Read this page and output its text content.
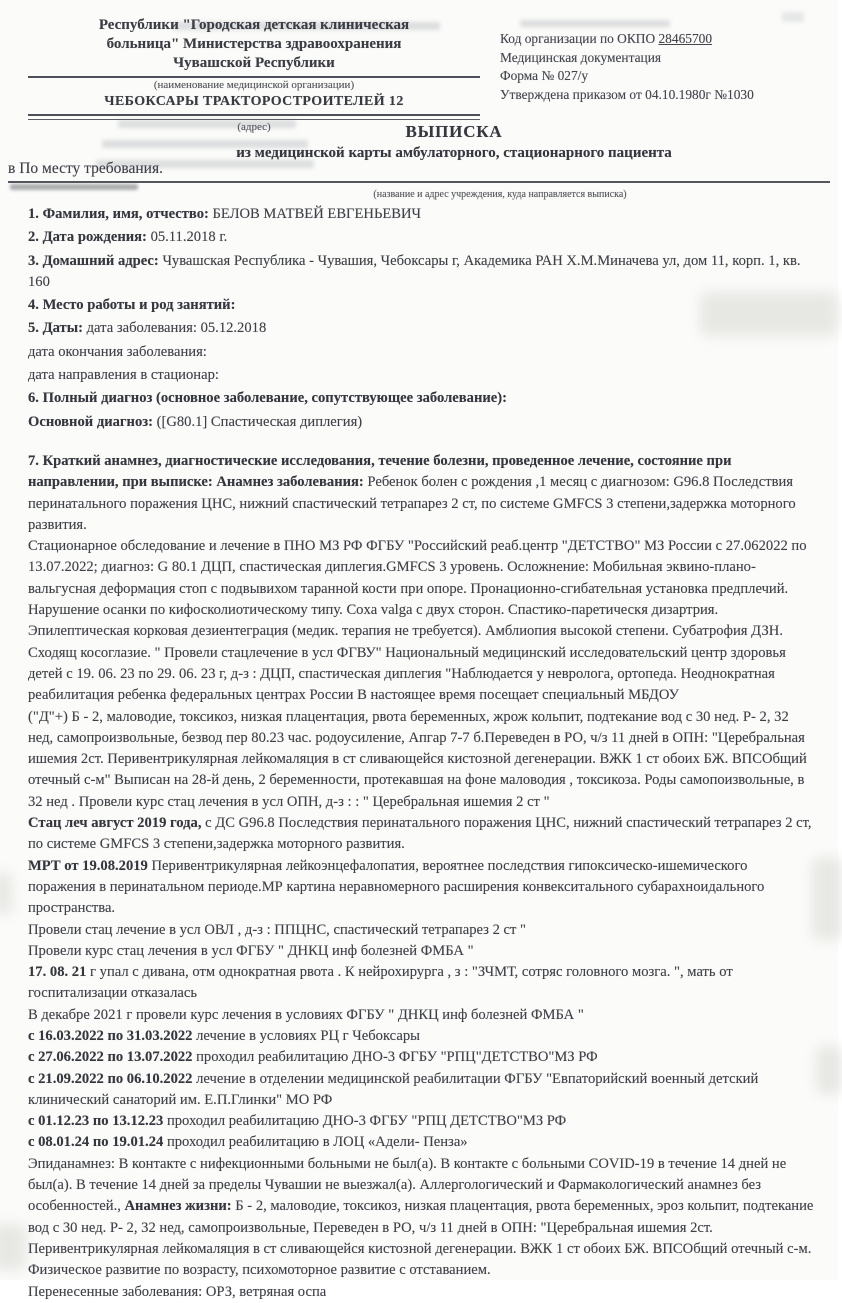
Республики "Городская детская клиническая
больница" Министерства здравоохранения
Чувашской Республики
(наименование медицинской организации)
ЧЕБОКСАРЫ ТРАКТОРОСТРОИТЕЛЕЙ 12
(адрес)
Код организации по ОКПО 28465700
Медицинская документация
Форма № 027/у
Утверждена приказом от 04.10.1980г №1030
ВЫПИСКА
из медицинской карты амбулаторного, стационарного пациента
в По месту требования.
(название и адрес учреждения, куда направляется выписка)

1. Фамилия, имя, отчество: БЕЛОВ МАТВЕЙ ЕВГЕНЬЕВИЧ

2. Дата рождения: 05.11.2018 г.

3. Домашний адрес: Чувашская Республика - Чувашия, Чебоксары г, Академика РАН Х.М.Миначева ул, дом 11, корп. 1, кв. 160

4. Место работы и род занятий:

5. Даты: дата заболевания: 05.12.2018

дата окончания заболевания:

дата направления в стационар:

6. Полный диагноз (основное заболевание, сопутствующее заболевание):

Основной диагноз: ([G80.1] Спастическая диплегия)

7. Краткий анамнез, диагностические исследования, течение болезни, проведенное лечение, состояние при направлении, при выписке: Анамнез заболевания: Ребенок болен с рождения ,1 месяц с диагнозом: G96.8 Последствия перинатального поражения ЦНС, нижний спастический тетрапарез 2 ст, по системе GMFCS 3 степени,задержка моторного развития.

Стационарное обследование и лечение в ПНО МЗ РФ ФГБУ "Российский реаб.центр "ДЕТСТВО" МЗ России с 27.062022 по 13.07.2022; диагноз: G 80.1 ДЦП, спастическая диплегия.GMFCS 3 уровень. Осложнение: Мобильная эквино-плано-вальгусная деформация стоп с подвывихом таранной кости при опоре. Пронационно-сгибательная установка предплечий. Нарушение осанки по кифосколиотическому типу. Coxa valga с двух сторон. Спастико-паретическя дизартрия. Эпилептическая корковая дезиентеграция (медик. терапия не требуется). Амблиопия высокой степени. Субатрофия ДЗН. Сходящ косоглазие. " Провели стацлечение в усл ФГВУ" Национальный медицинский исследовательский центр здоровья детей с 19. 06. 23 по 29. 06. 23 г, д-з : ДЦП, спастическая диплегия "Наблюдается у невролога, ортопеда. Неоднократная реабилитация ребенка федеральных центрах России В настоящее время посещает специальный МБДОУ

("Д"+) Б - 2, маловодие, токсикоз, низкая плацентация, рвота беременных, жрож кольпит, подтекание вод с 30 нед. Р- 2, 32 нед, самопроизвольные, безвод пер 80.23 час. родоусиление, Апгар 7-7 б.Переведен в РО, ч/з 11 дней в ОПН: "Церебральная ишемия 2ст. Перивентрикулярная лейкомаляция в ст сливающейся кистозной дегенерации. ВЖК 1 ст обоих БЖ. ВПСОбщий отечный с-м" Выписан на 28-й день, 2 беременности, протекавшая на фоне маловодия , токсикоза. Роды самопоизвольные, в 32 нед . Провели курс стац лечения в усл ОПН, д-з : : " Церебральная ишемия 2 ст "

Стац леч август 2019 года, с ДС G96.8 Последствия перинатального поражения ЦНС, нижний спастический тетрапарез 2 ст, по системе GMFCS 3 степени,задержка моторного развития.

МРТ от 19.08.2019 Перивентрикулярная лейкоэнцефалопатия, вероятнее последствия гипоксическо-ишемического поражения в перинатальном периоде.МР картина неравномерного расширения конвекситального субарахноидального пространства.

Провели стац лечение в усл ОВЛ , д-з : ППЦНС, спастический тетрапарез 2 ст "

Провели курс стац лечения в усл ФГБУ " ДНКЦ инф болезней ФМБА "

17. 08. 21 г упал с дивана, отм однократная рвота . К нейрохирурга , з : "ЗЧМТ, сотряс головного мозга. ", мать от госпитализации отказалась

В декабре 2021 г провели курс лечения в условиях ФГБУ " ДНКЦ инф болезней ФМБА "

с 16.03.2022 по 31.03.2022 лечение в условиях РЦ г Чебоксары

с 27.06.2022 по 13.07.2022 проходил реабилитацию ДНО-3 ФГБУ "РПЦ"ДЕТСТВО"МЗ РФ

с 21.09.2022 по 06.10.2022 лечение в отделении медицинской реабилитации ФГБУ "Евпаторийский военный детский клинический санаторий им. Е.П.Глинки" МО РФ

с 01.12.23 по 13.12.23 проходил реабилитацию ДНО-3 ФГБУ "РПЦ ДЕТСТВО"МЗ РФ

с 08.01.24 по 19.01.24 проходил реабилитацию в ЛОЦ «Адели- Пенза»

Эпиданамнез: В контакте с нифекционными больными не был(а). В контакте с больными COVID-19 в течение 14 дней не был(а). В течение 14 дней за пределы Чувашии не выезжал(а). Аллергологический и Фармакологический анамнез без особенностей., Анамнез жизни: Б - 2, маловодие, токсикоз, низкая плацентация, рвота беременных, эроз кольпит, подтекание вод с 30 нед. Р- 2, 32 нед, самопроизвольные, Переведен в РО, ч/з 11 дней в ОПН: "Церебральная ишемия 2ст. Перивентрикулярная лейкомаляция в ст сливающейся кистозной дегенерации. ВЖК 1 ст обоих БЖ. ВПСОбщий отечный с-м. Физическое развитие по возрасту, психомоторное развитие с отставанием.

Перенесенные заболевания: ОРЗ, ветряная оспа
